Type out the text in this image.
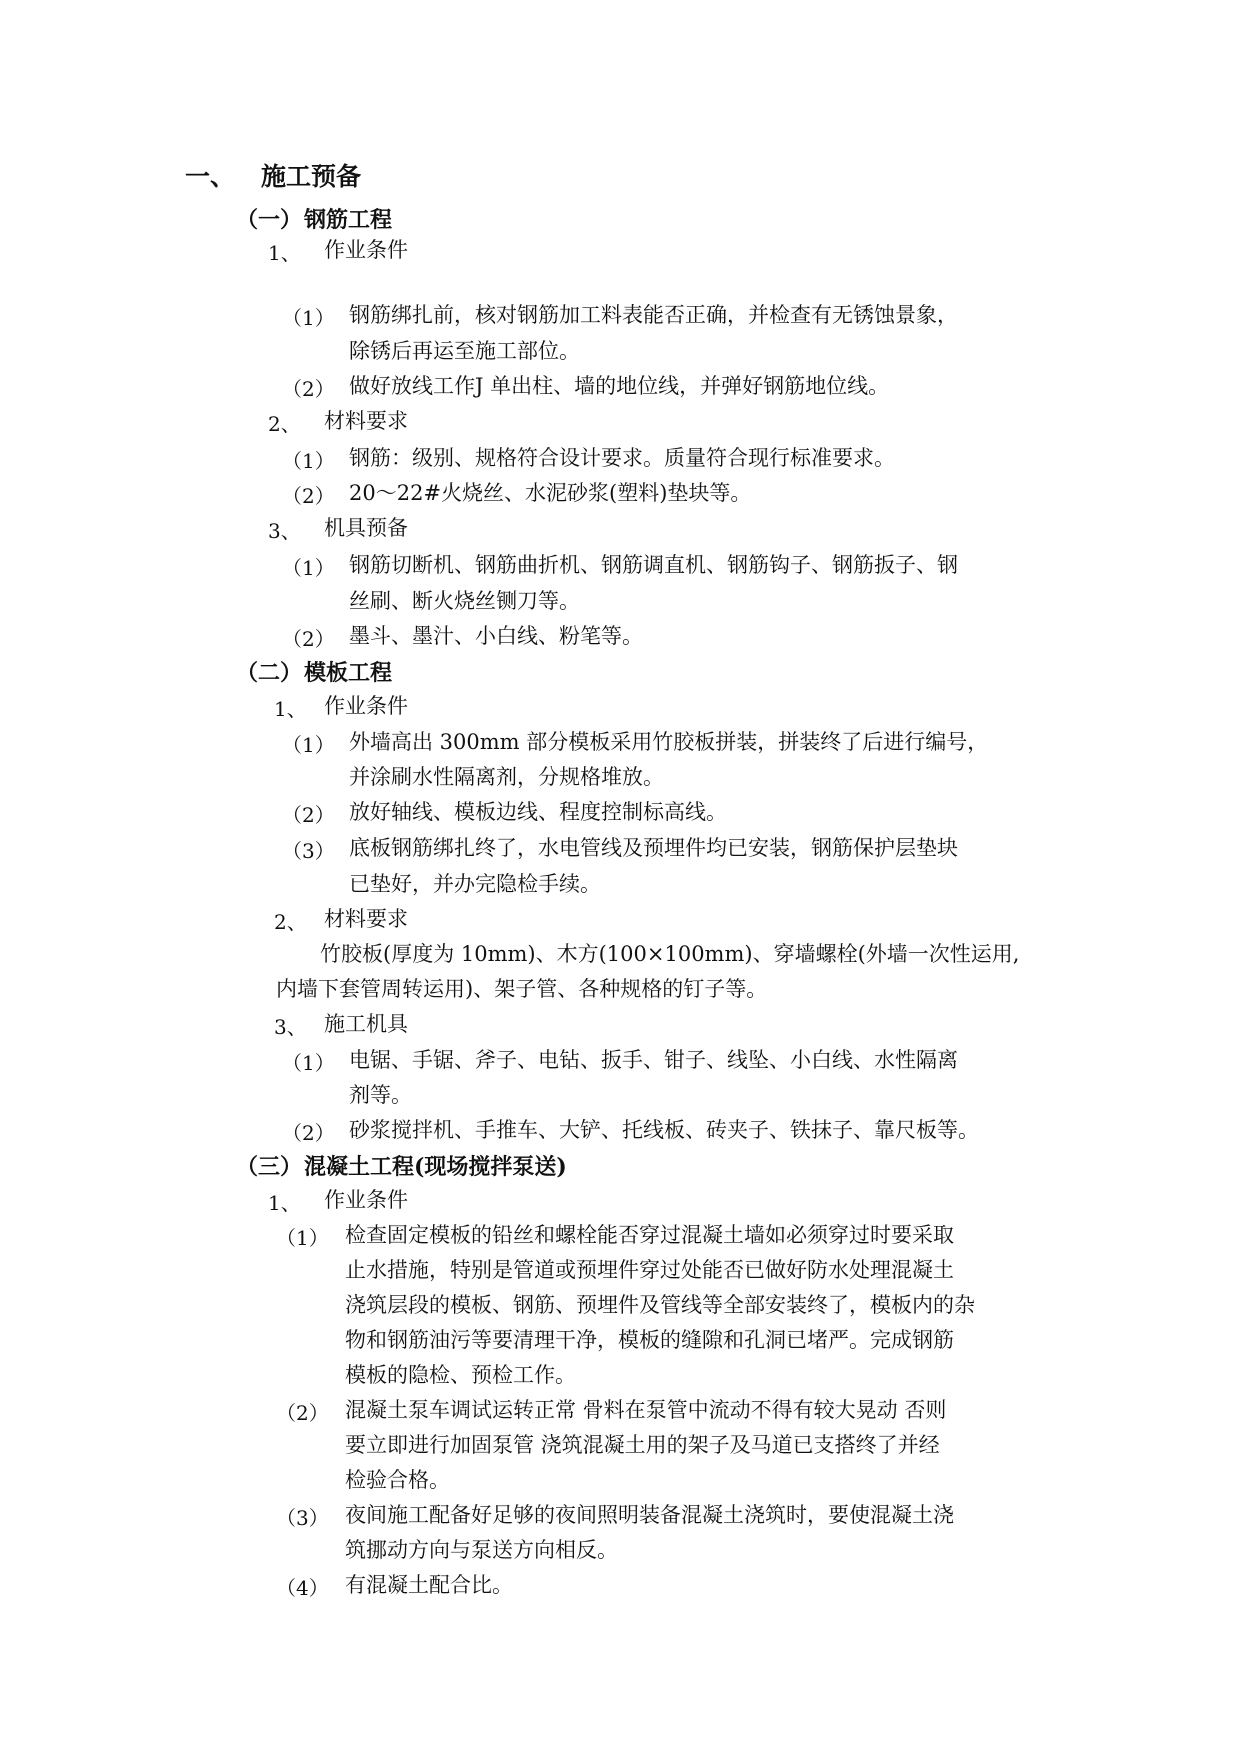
一、 施工预备
（一） 钢筋工程
1、 作业条件
（1） 钢筋绑扎前，核对钢筋加工料表能否正确，并检查有无锈蚀景象，
除锈后再运至施工部位。
（2） 做好放线工作J 单出柱、墙的地位线，并弹好钢筋地位线。
2、 材料要求
（1） 钢筋：级别、规格符合设计要求。质量符合现行标准要求。
（2） 20～22#火烧丝、水泥砂浆(塑料)垫块等。
3、 机具预备
（1） 钢筋切断机、钢筋曲折机、钢筋调直机、钢筋钩子、钢筋扳子、钢
丝刷、断火烧丝铡刀等。
（2） 墨斗、墨汁、小白线、粉笔等。
（二） 模板工程
1、 作业条件
（1） 外墙高出 300mm 部分模板采用竹胶板拼装，拼装终了后进行编号，
并涂刷水性隔离剂，分规格堆放。
（2） 放好轴线、模板边线、程度控制标高线。
（3） 底板钢筋绑扎终了，水电管线及预埋件均已安装，钢筋保护层垫块
已垫好，并办完隐检手续。
2、 材料要求
竹胶板(厚度为 10mm)、木方(100×100mm)、穿墙螺栓(外墙一次性运用,
内墙下套管周转运用)、架子管、各种规格的钉子等。
3、 施工机具
（1） 电锯、手锯、斧子、电钻、扳手、钳子、线坠、小白线、水性隔离
剂等。
（2） 砂浆搅拌机、手推车、大铲、托线板、砖夹子、铁抹子、靠尺板等。
（三） 混凝土工程(现场搅拌泵送)
1、 作业条件
（1） 检查固定模板的铅丝和螺栓能否穿过混凝土墙如必须穿过时要采取
止水措施，特别是管道或预埋件穿过处能否已做好防水处理混凝土
浇筑层段的模板、钢筋、预埋件及管线等全部安装终了，模板内的杂
物和钢筋油污等要清理干净，模板的缝隙和孔洞已堵严。完成钢筋
模板的隐检、预检工作。
（2） 混凝土泵车调试运转正常 骨料在泵管中流动不得有较大晃动 否则
要立即进行加固泵管 浇筑混凝土用的架子及马道已支搭终了并经
检验合格。
（3） 夜间施工配备好足够的夜间照明装备混凝土浇筑时，要使混凝土浇
筑挪动方向与泵送方向相反。
（4） 有混凝土配合比。
